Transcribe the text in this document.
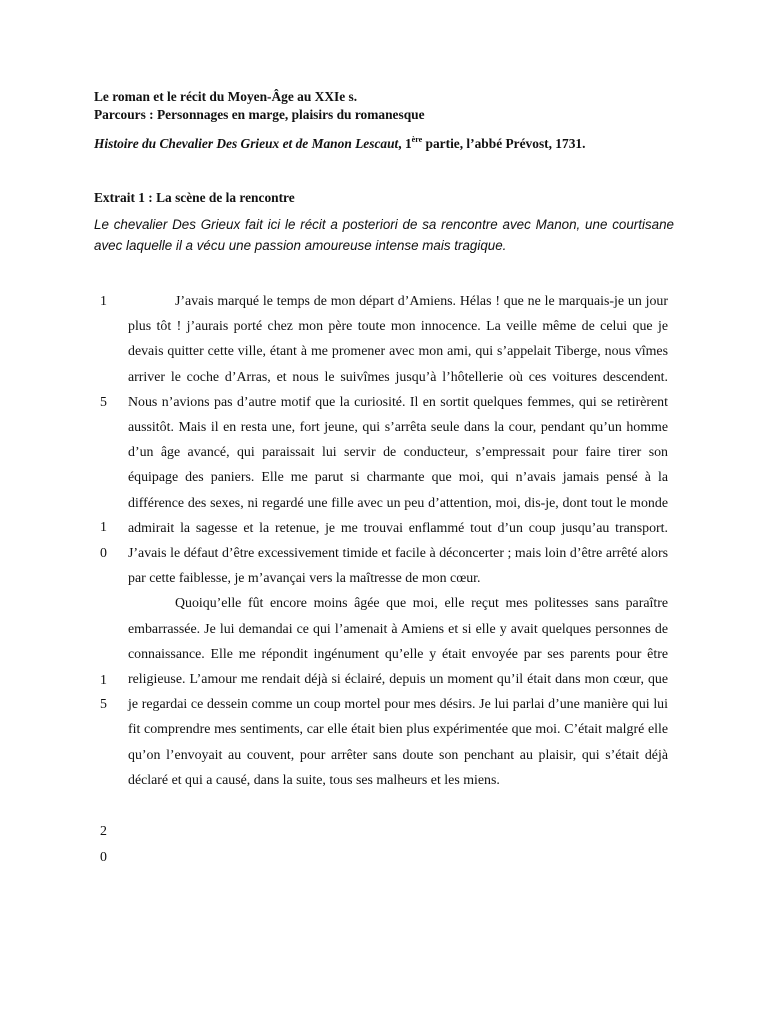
Le roman et le récit du Moyen-Âge au XXIe s.
Parcours : Personnages en marge, plaisirs du romanesque
Histoire du Chevalier Des Grieux et de Manon Lescaut, 1ère partie, l’abbé Prévost, 1731.
Extrait 1 : La scène de la rencontre
Le chevalier Des Grieux fait ici le récit a posteriori de sa rencontre avec Manon, une courtisane avec laquelle il a vécu une passion amoureuse intense mais tragique.
1
5
1
0
1
5
2
0

J’avais marqué le temps de mon départ d’Amiens. Hélas ! que ne le marquais-je un jour plus tôt ! j’aurais porté chez mon père toute mon innocence. La veille même de celui que je devais quitter cette ville, étant à me promener avec mon ami, qui s’appelait Tiberge, nous vîmes arriver le coche d’Arras, et nous le suivîmes jusqu’à l’hôtellerie où ces voitures descendent. Nous n’avions pas d’autre motif que la curiosité. Il en sortit quelques femmes, qui se retirèrent aussitôt. Mais il en resta une, fort jeune, qui s’arrêta seule dans la cour, pendant qu’un homme d’un âge avancé, qui paraissait lui servir de conducteur, s’empressait pour faire tirer son équipage des paniers. Elle me parut si charmante que moi, qui n’avais jamais pensé à la différence des sexes, ni regardé une fille avec un peu d’attention, moi, dis-je, dont tout le monde admirait la sagesse et la retenue, je me trouvai enflammé tout d’un coup jusqu’au transport. J’avais le défaut d’être excessivement timide et facile à déconcerter ; mais loin d’être arrêté alors par cette faiblesse, je m’avançai vers la maîtresse de mon cœur.

Quoiqu’elle fût encore moins âgée que moi, elle reçut mes politesses sans paraître embarrassée. Je lui demandai ce qui l’amenait à Amiens et si elle y avait quelques personnes de connaissance. Elle me répondit ingénument qu’elle y était envoyée par ses parents pour être religieuse. L’amour me rendait déjà si éclairé, depuis un moment qu’il était dans mon cœur, que je regardai ce dessein comme un coup mortel pour mes désirs. Je lui parlai d’une manière qui lui fit comprendre mes sentiments, car elle était bien plus expérimentée que moi. C’était malgré elle qu’on l’envoyait au couvent, pour arrêter sans doute son penchant au plaisir, qui s’était déjà déclaré et qui a causé, dans la suite, tous ses malheurs et les miens.
